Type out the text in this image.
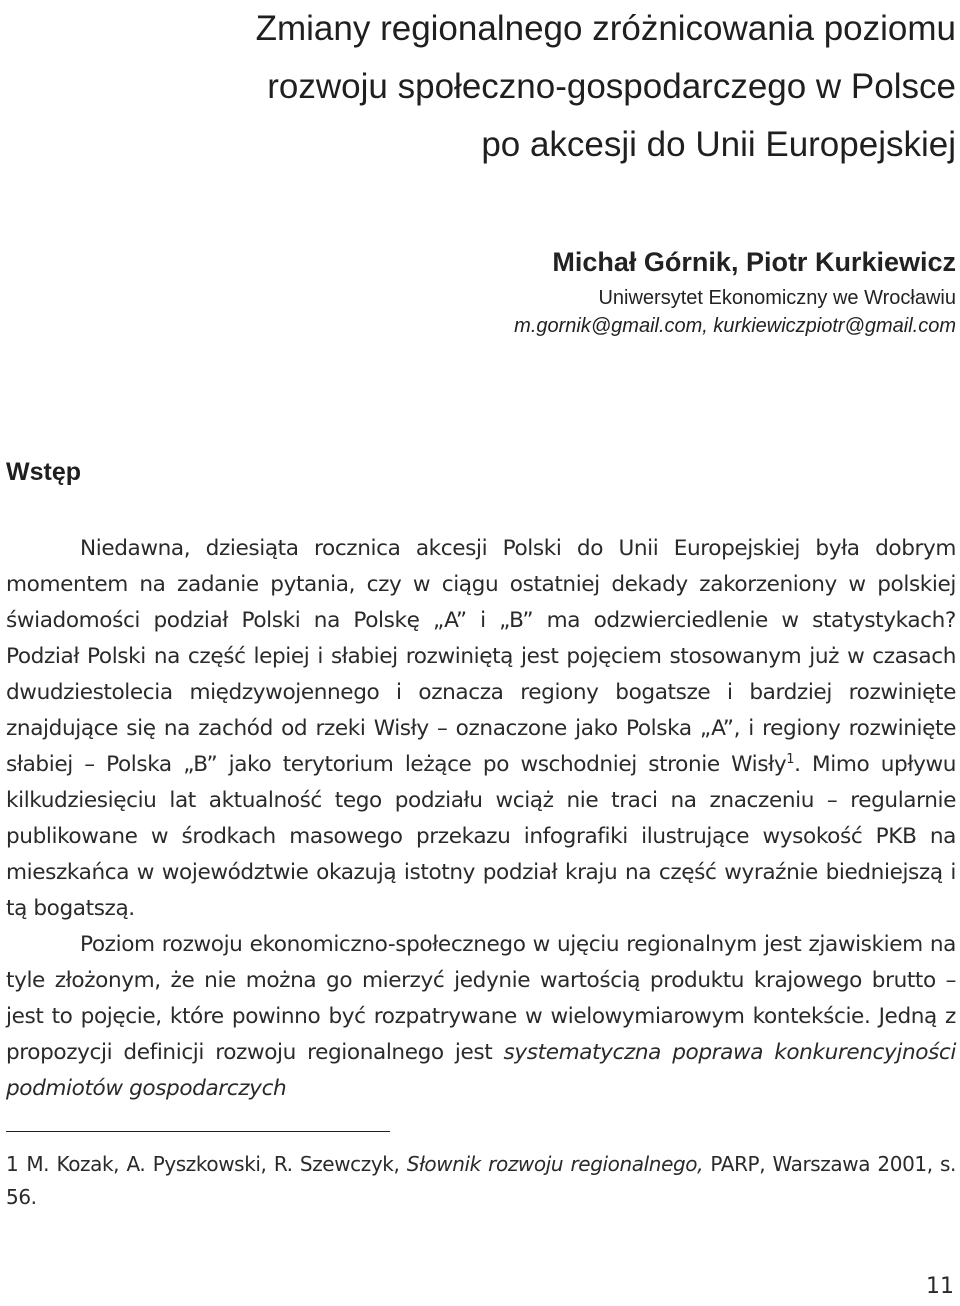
Zmiany regionalnego zróżnicowania poziomu
rozwoju społeczno-gospodarczego w Polsce
po akcesji do Unii Europejskiej
Michał Górnik, Piotr Kurkiewicz
Uniwersytet Ekonomiczny we Wrocławiu
m.gornik@gmail.com, kurkiewiczpiotr@gmail.com
Wstęp

Niedawna, dziesiąta rocznica akcesji Polski do Unii Europejskiej była dobrym momentem na zadanie pytania, czy w ciągu ostatniej dekady zakorzeniony w polskiej świadomości podział Polski na Polskę „A” i „B” ma odzwierciedlenie w statystykach? Podział Polski na część lepiej i słabiej rozwiniętą jest pojęciem stosowanym już w czasach dwudziestolecia międzywojennego i oznacza regiony bogatsze i bardziej rozwinięte znajdujące się na zachód od rzeki Wisły – oznaczone jako Polska „A”, i regiony rozwinięte słabiej – Polska „B” jako terytorium leżące po wschodniej stronie Wisły$^1$. Mimo upływu kilkudziesięciu lat aktualność tego podziału wciąż nie traci na znaczeniu – regularnie publikowane w środkach masowego przekazu infografiki ilustrujące wysokość PKB na mieszkańca w województwie okazują istotny podział kraju na część wyraźnie biedniejszą i tą bogatszą.

Poziom rozwoju ekonomiczno-społecznego w ujęciu regionalnym jest zjawiskiem na tyle złożonym, że nie można go mierzyć jedynie wartością produktu krajowego brutto – jest to pojęcie, które powinno być rozpatrywane w wielowymiarowym kontekście. Jedną z propozycji definicji rozwoju regionalnego jest systematyczna poprawa konkurencyjności podmiotów gospodarczych

1 M. Kozak, A. Pyszkowski, R. Szewczyk, Słownik rozwoju regionalnego, PARP, Warszawa 2001, s. 56.
11
